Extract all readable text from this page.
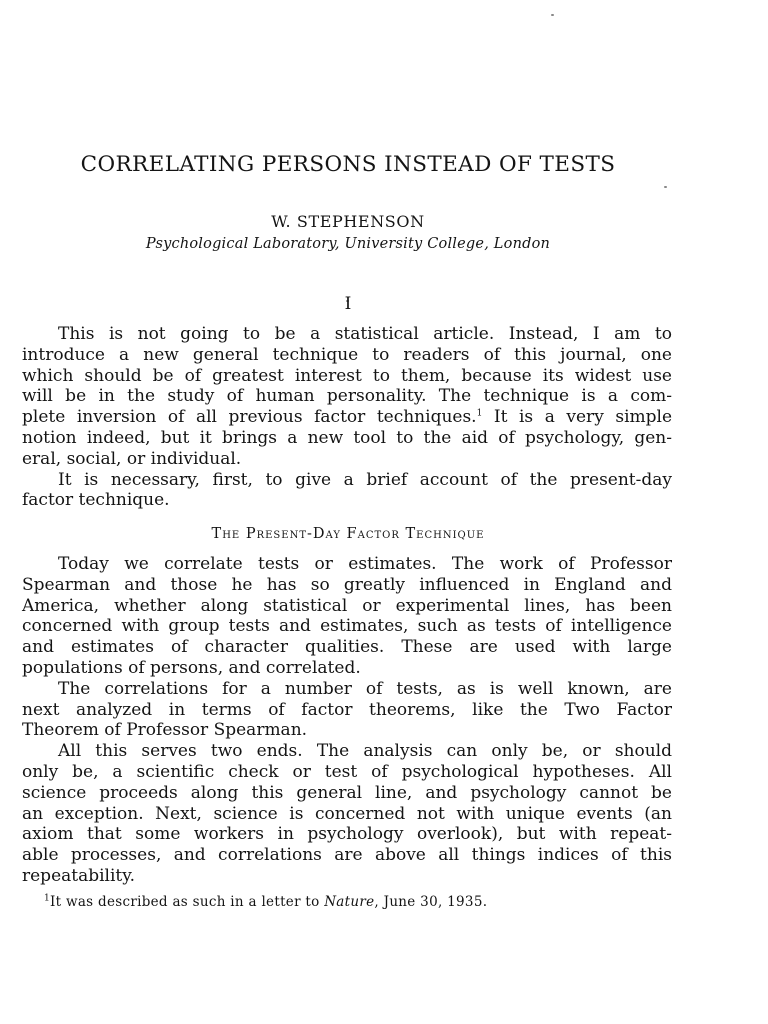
CORRELATING PERSONS INSTEAD OF TESTS
W. STEPHENSON
Psychological Laboratory, University College, London
I
This is not going to be a statistical article. Instead, I am to
introduce a new general technique to readers of this journal, one
which should be of greatest interest to them, because its widest use
will be in the study of human personality. The technique is a com-
plete inversion of all previous factor techniques.$^1$ It is a very simple
notion indeed, but it brings a new tool to the aid of psychology, gen-
eral, social, or individual.
It is necessary, first, to give a brief account of the present-day
factor technique.
The Present-Day Factor Technique
Today we correlate tests or estimates. The work of Professor
Spearman and those he has so greatly influenced in England and
America, whether along statistical or experimental lines, has been
concerned with group tests and estimates, such as tests of intelligence
and estimates of character qualities. These are used with large
populations of persons, and correlated.
The correlations for a number of tests, as is well known, are
next analyzed in terms of factor theorems, like the Two Factor
Theorem of Professor Spearman.
All this serves two ends. The analysis can only be, or should
only be, a scientific check or test of psychological hypotheses. All
science proceeds along this general line, and psychology cannot be
an exception. Next, science is concerned not with unique events (an
axiom that some workers in psychology overlook), but with repeat-
able processes, and correlations are above all things indices of this
repeatability.
$^1$It was described as such in a letter to Nature, June 30, 1935.
